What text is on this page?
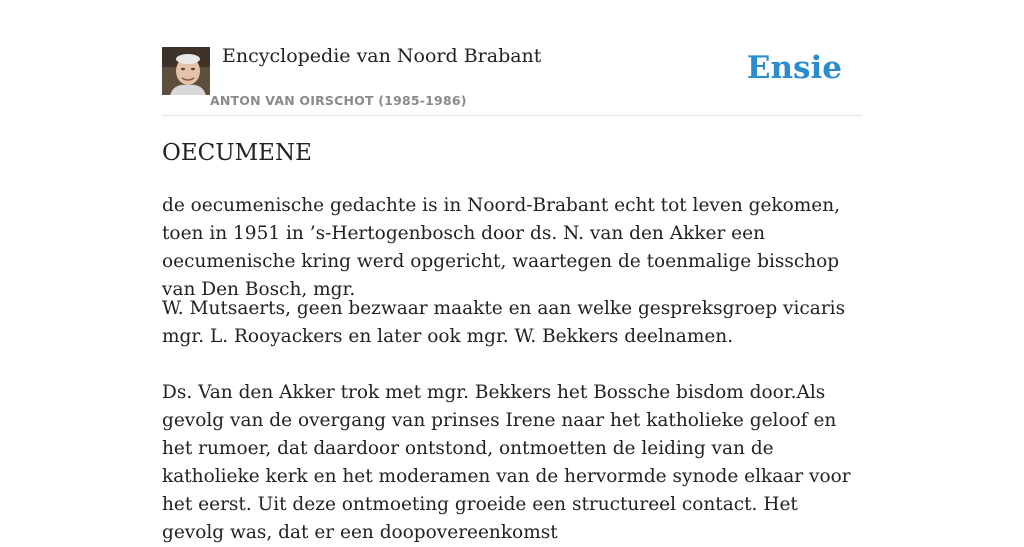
Encyclopedie van Noord Brabant
ANTON VAN OIRSCHOT (1985-1986)
Ensie
OECUMENE

de oecumenische gedachte is in Noord-Brabant echt tot leven gekomen, toen in 1951 in ’s-Hertogenbosch door ds. N. van den Akker een oecumenische kring werd opgericht, waartegen de toenmalige bisschop van Den Bosch, mgr.

W. Mutsaerts, geen bezwaar maakte en aan welke gespreksgroep vicaris mgr. L. Rooyackers en later ook mgr. W. Bekkers deelnamen.

Ds. Van den Akker trok met mgr. Bekkers het Bossche bisdom door.Als gevolg van de overgang van prinses Irene naar het katholieke geloof en het rumoer, dat daardoor ontstond, ontmoetten de leiding van de katholieke kerk en het moderamen van de hervormde synode elkaar voor het eerst. Uit deze ontmoeting groeide een structureel contact. Het gevolg was, dat er een doopovereenkomst
